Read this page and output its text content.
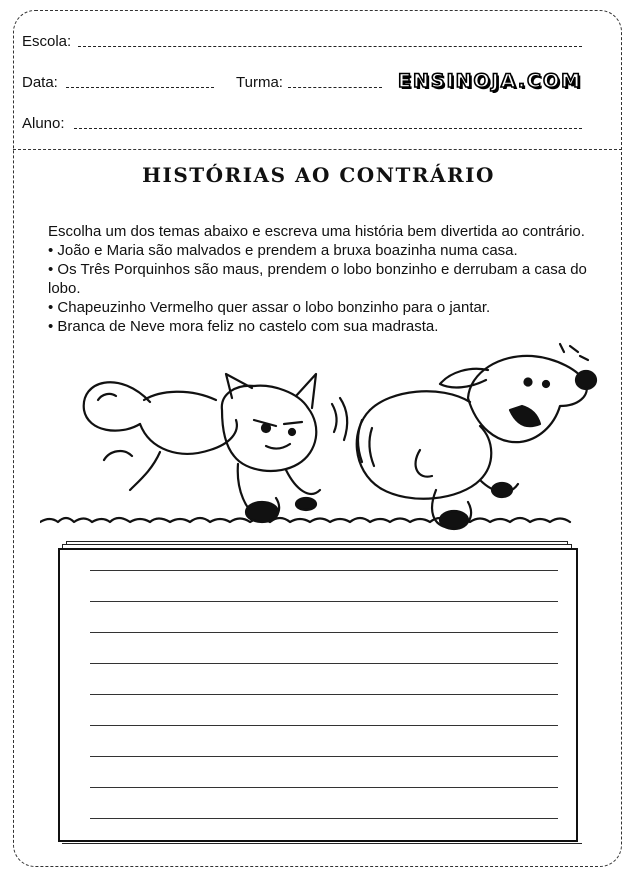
Escola:
Data:	Turma:	ENSINOJA.COM
Aluno:
HISTÓRIAS AO CONTRÁRIO

Escolha um dos temas abaixo e escreva uma história bem divertida ao contrário.

• João e Maria são malvados e prendem a bruxa boazinha numa casa.
• Os Três Porquinhos são maus, prendem o lobo bonzinho e derrubam a casa do lobo.
• Chapeuzinho Vermelho quer assar o lobo bonzinho para o jantar.
• Branca de Neve mora feliz no castelo com sua madrasta.
